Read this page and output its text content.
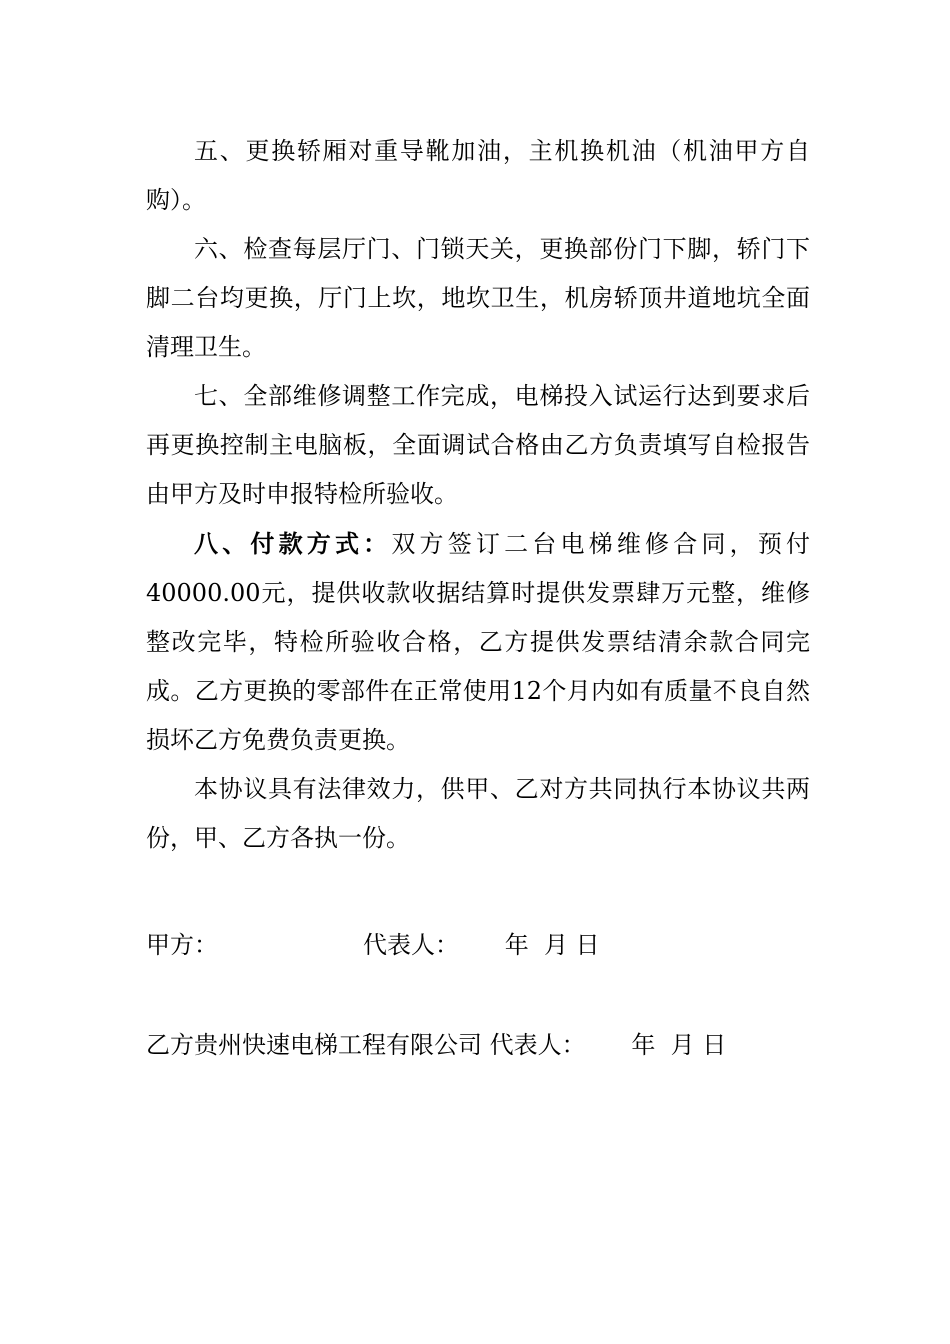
五、更换轿厢对重导靴加油，主机换机油（机油甲方自购）。

六、检查每层厅门、门锁天关，更换部份门下脚，轿门下脚二台均更换，厅门上坎，地坎卫生，机房轿顶井道地坑全面清理卫生。

七、全部维修调整工作完成，电梯投入试运行达到要求后再更换控制主电脑板，全面调试合格由乙方负责填写自检报告由甲方及时申报特检所验收。

八、付款方式：双方签订二台电梯维修合同，预付40000.00元，提供收款收据结算时提供发票肆万元整，维修整改完毕，特检所验收合格，乙方提供发票结清余款合同完成。乙方更换的零部件在正常使用12个月内如有质量不良自然损坏乙方免费负责更换。

本协议具有法律效力，供甲、乙对方共同执行本协议共两份，甲、乙方各执一份。

甲方：                   代表人：      年  月 日
乙方贵州快速电梯工程有限公司 代表人：      年  月 日
